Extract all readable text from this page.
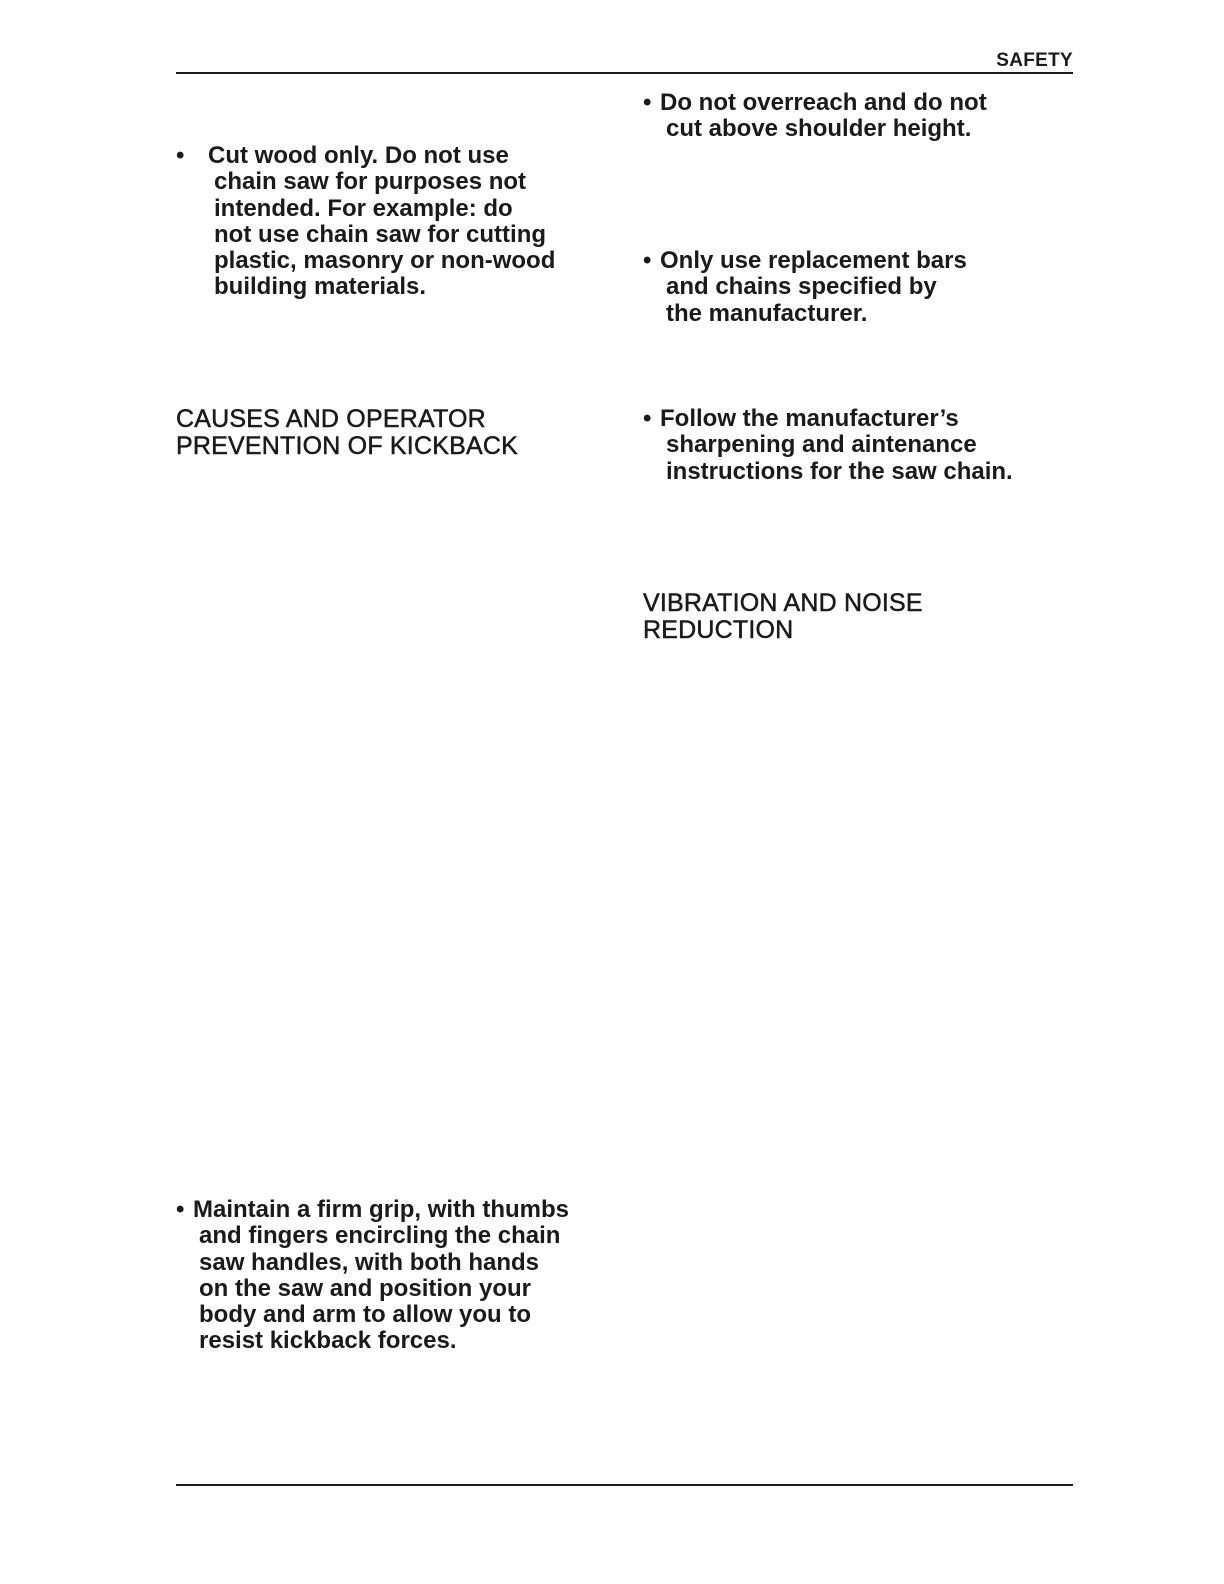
SAFETY
• Cut wood only. Do not use
chain saw for purposes not
intended. For example: do
not use chain saw for cutting
plastic, masonry or non-wood
building materials.
CAUSES AND OPERATOR
PREVENTION OF KICKBACK
• Maintain a firm grip, with thumbs
and fingers encircling the chain
saw handles, with both hands
on the saw and position your
body and arm to allow you to
resist kickback forces.
• Do not overreach and do not
cut above shoulder height.
• Only use replacement bars
and chains specified by
the manufacturer.
• Follow the manufacturer’s
sharpening and aintenance
instructions for the saw chain.
VIBRATION AND NOISE
REDUCTION
